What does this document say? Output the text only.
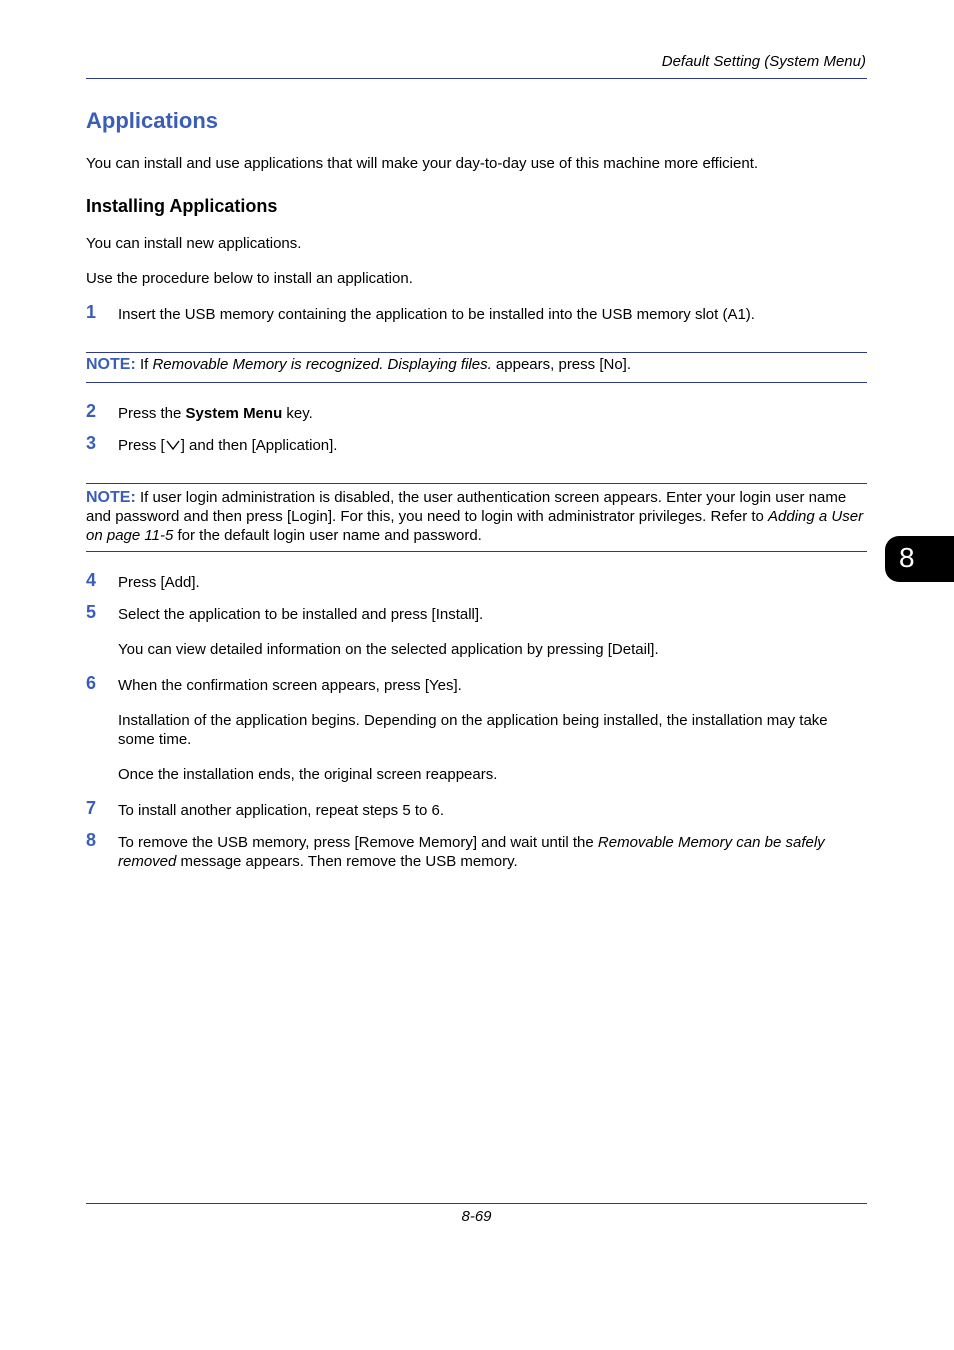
Default Setting (System Menu)
Applications
You can install and use applications that will make your day-to-day use of this machine more efficient.
Installing Applications
You can install new applications.
Use the procedure below to install an application.
1 Insert the USB memory containing the application to be installed into the USB memory slot (A1).
NOTE: If Removable Memory is recognized. Displaying files. appears, press [No].
2 Press the System Menu key.
3 Press [ ] and then [Application].
NOTE: If user login administration is disabled, the user authentication screen appears. Enter your login user name and password and then press [Login]. For this, you need to login with administrator privileges. Refer to Adding a User on page 11-5 for the default login user name and password.
4 Press [Add].
5 Select the application to be installed and press [Install].
You can view detailed information on the selected application by pressing [Detail].
6 When the confirmation screen appears, press [Yes].
Installation of the application begins. Depending on the application being installed, the installation may take some time.
Once the installation ends, the original screen reappears.
7 To install another application, repeat steps 5 to 6.
8 To remove the USB memory, press [Remove Memory] and wait until the Removable Memory can be safely removed message appears. Then remove the USB memory.
8
8-69
